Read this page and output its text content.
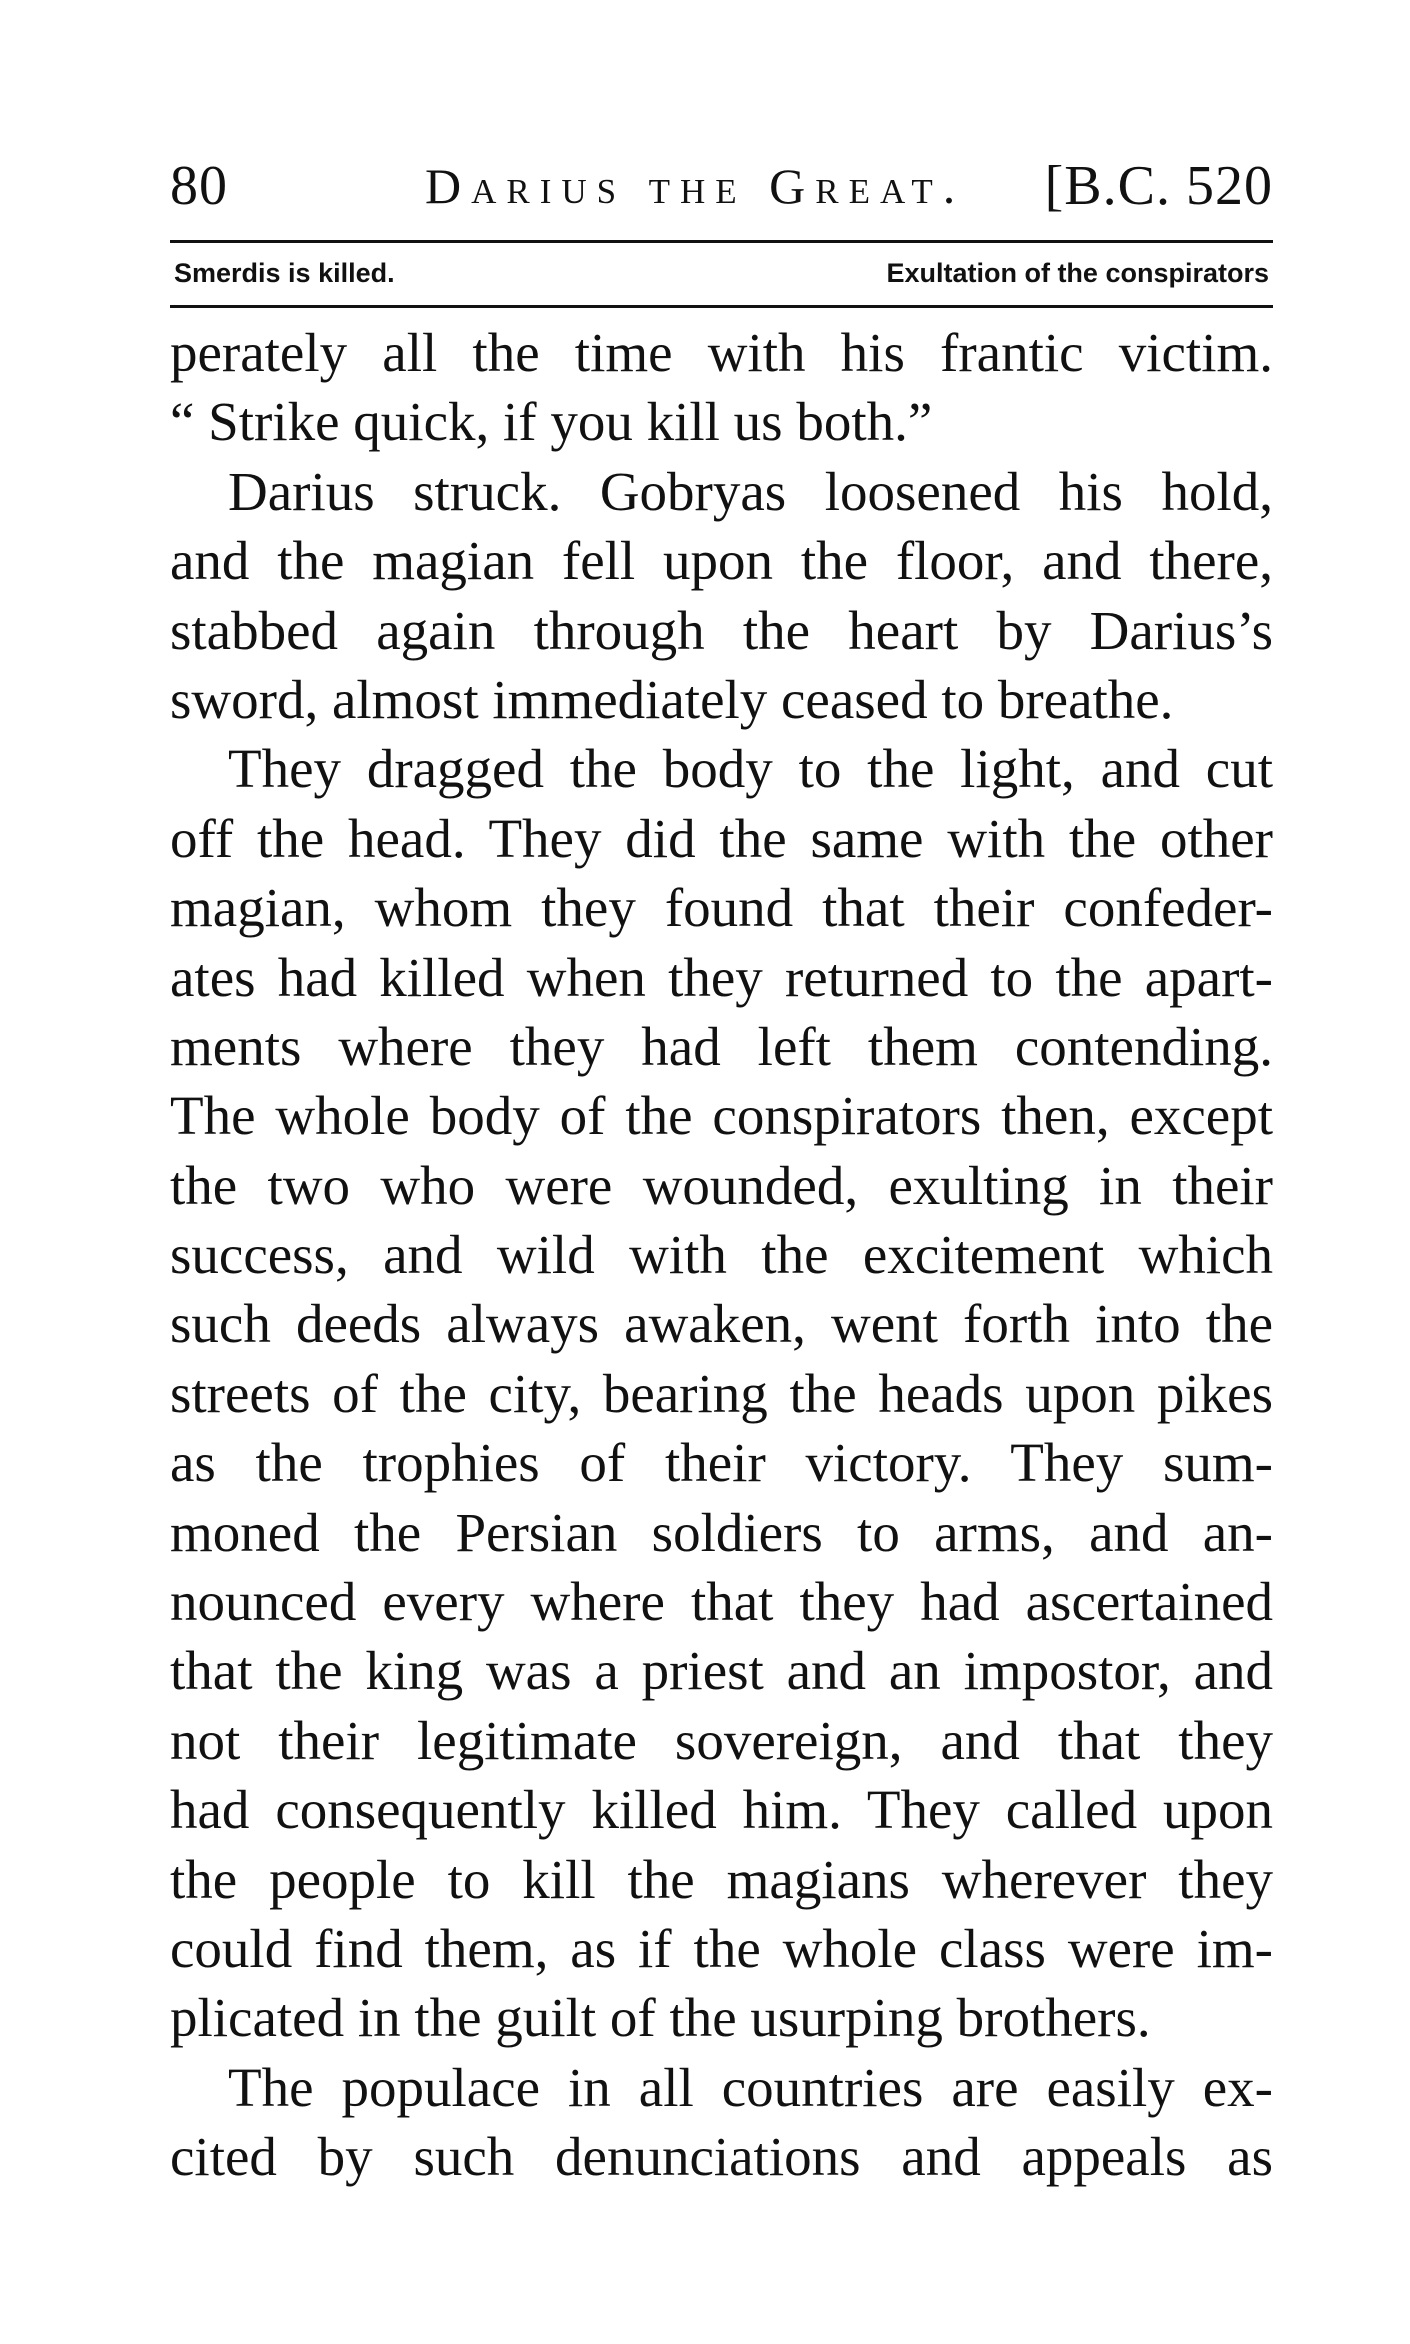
80	Darius the Great. [B.C. 520
Smerdis is killed.	Exultation of the conspirators
perately all the time with his frantic victim.
“ Strike quick, if you kill us both.”
Darius struck. Gobryas loosened his hold,
and the magian fell upon the floor, and there,
stabbed again through the heart by Darius’s
sword, almost immediately ceased to breathe.
They dragged the body to the light, and cut
off the head. They did the same with the other
magian, whom they found that their confeder-
ates had killed when they returned to the apart-
ments where they had left them contending.
The whole body of the conspirators then, except
the two who were wounded, exulting in their
success, and wild with the excitement which
such deeds always awaken, went forth into the
streets of the city, bearing the heads upon pikes
as the trophies of their victory. They sum-
moned the Persian soldiers to arms, and an-
nounced every where that they had ascertained
that the king was a priest and an impostor, and
not their legitimate sovereign, and that they
had consequently killed him. They called upon
the people to kill the magians wherever they
could find them, as if the whole class were im-
plicated in the guilt of the usurping brothers.
The populace in all countries are easily ex-
cited by such denunciations and appeals as
